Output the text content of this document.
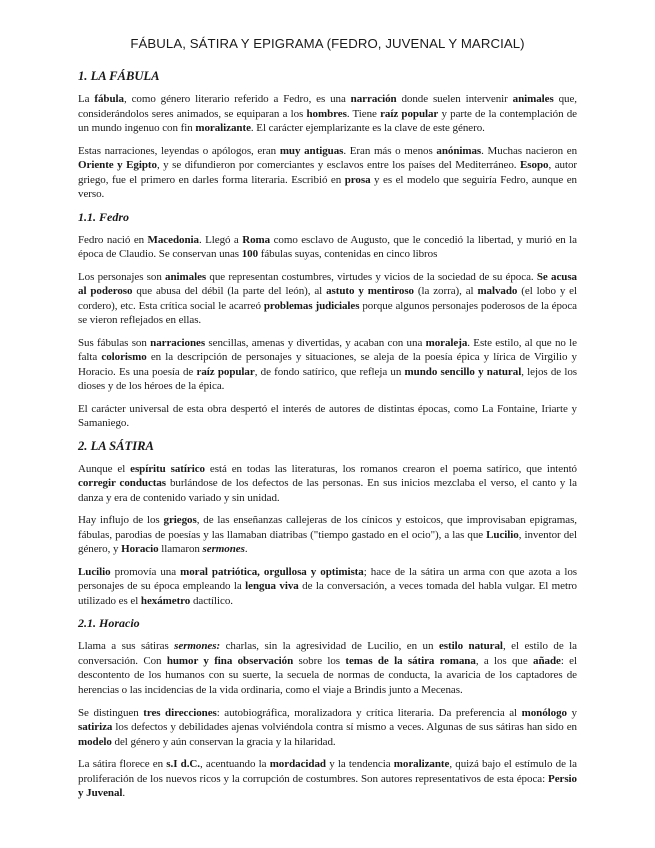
FÁBULA, SÁTIRA Y EPIGRAMA (FEDRO, JUVENAL Y MARCIAL)
1. LA FÁBULA

La fábula, como género literario referido a Fedro, es una narración donde suelen intervenir animales que, considerándolos seres animados, se equiparan a los hombres. Tiene raíz popular y parte de la contemplación de un mundo ingenuo con fin moralizante. El carácter ejemplarizante es la clave de este género.

Estas narraciones, leyendas o apólogos, eran muy antiguas. Eran más o menos anónimas. Muchas nacieron en Oriente y Egipto, y se difundieron por comerciantes y esclavos entre los países del Mediterráneo. Esopo, autor griego, fue el primero en darles forma literaria. Escribió en prosa y es el modelo que seguiría Fedro, aunque en verso.

1.1. Fedro

Fedro nació en Macedonia. Llegó a Roma como esclavo de Augusto, que le concedió la libertad, y murió en la época de Claudio. Se conservan unas 100 fábulas suyas, contenidas en cinco libros

Los personajes son animales que representan costumbres, virtudes y vicios de la sociedad de su época. Se acusa al poderoso que abusa del débil (la parte del león), al astuto y mentiroso (la zorra), al malvado (el lobo y el cordero), etc. Esta crítica social le acarreó problemas judiciales porque algunos personajes poderosos de la época se vieron reflejados en ellas.

Sus fábulas son narraciones sencillas, amenas y divertidas, y acaban con una moraleja. Este estilo, al que no le falta colorismo en la descripción de personajes y situaciones, se aleja de la poesía épica y lírica de Virgilio y Horacio. Es una poesía de raíz popular, de fondo satírico, que refleja un mundo sencillo y natural, lejos de los dioses y de los héroes de la épica.

El carácter universal de esta obra despertó el interés de autores de distintas épocas, como La Fontaine, Iriarte y Samaniego.

2. LA SÁTIRA

Aunque el espíritu satírico está en todas las literaturas, los romanos crearon el poema satírico, que intentó corregir conductas burlándose de los defectos de las personas. En sus inicios mezclaba el verso, el canto y la danza y era de contenido variado y sin unidad.

Hay influjo de los griegos, de las enseñanzas callejeras de los cínicos y estoicos, que improvisaban epigramas, fábulas, parodias de poesías y las llamaban diatribas ("tiempo gastado en el ocio"), a las que Lucilio, inventor del género, y Horacio llamaron sermones.

Lucilio promovía una moral patriótica, orgullosa y optimista; hace de la sátira un arma con que azota a los personajes de su época empleando la lengua viva de la conversación, a veces tomada del habla vulgar. El metro utilizado es el hexámetro dactílico.

2.1. Horacio

Llama a sus sátiras sermones: charlas, sin la agresividad de Lucilio, en un estilo natural, el estilo de la conversación. Con humor y fina observación sobre los temas de la sátira romana, a los que añade: el descontento de los humanos con su suerte, la secuela de normas de conducta, la avaricia de los captadores de herencias o las incidencias de la vida ordinaria, como el viaje a Brindis junto a Mecenas.

Se distinguen tres direcciones: autobiográfica, moralizadora y crítica literaria. Da preferencia al monólogo y satiriza los defectos y debilidades ajenas volviéndola contra sí mismo a veces. Algunas de sus sátiras han sido en modelo del género y aún conservan la gracia y la hilaridad.

La sátira florece en s.I d.C., acentuando la mordacidad y la tendencia moralizante, quizá bajo el estímulo de la proliferación de los nuevos ricos y la corrupción de costumbres. Son autores representativos de esta época: Persio y Juvenal.
